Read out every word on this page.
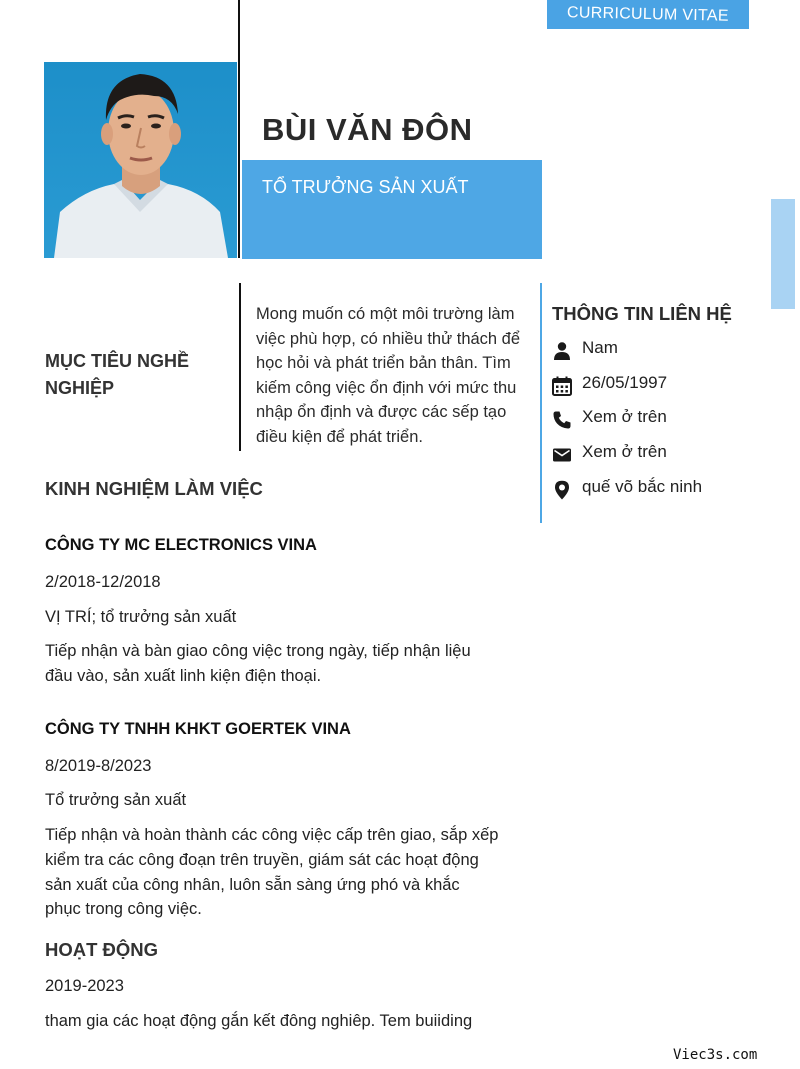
CURRICULUM VITAE
BÙI VĂN ĐÔN
TỔ TRƯỞNG SẢN XUẤT
MỤC TIÊU NGHỀ NGHIỆP
Mong muốn có một môi trường làm việc phù hợp, có nhiều thử thách để học hỏi và phát triển bản thân. Tìm kiếm công việc ổn định với mức thu nhập ổn định và được các sếp tạo điều kiện để phát triển.
THÔNG TIN LIÊN HỆ
Nam
26/05/1997
Xem ở trên
Xem ở trên
quế võ bắc ninh
KINH NGHIỆM LÀM VIỆC
CÔNG TY MC ELECTRONICS VINA
2/2018-12/2018
VỊ TRÍ; tổ trưởng sản xuất
Tiếp nhận và bàn giao công việc trong ngày, tiếp nhận liệu đầu vào, sản xuất linh kiện điện thoại.
CÔNG TY TNHH KHKT GOERTEK VINA
8/2019-8/2023
Tổ trưởng sản xuất
Tiếp nhận và hoàn thành các công việc cấp trên giao, sắp xếp kiểm tra các công đoạn trên truyền, giám sát các hoạt động sản xuất của công nhân, luôn sẵn sàng ứng phó và khắc phục trong công việc.
HOẠT ĐỘNG
2019-2023
tham gia các hoạt động gắn kết đông nghiêp. Tem buiiding
Viec3s.com
